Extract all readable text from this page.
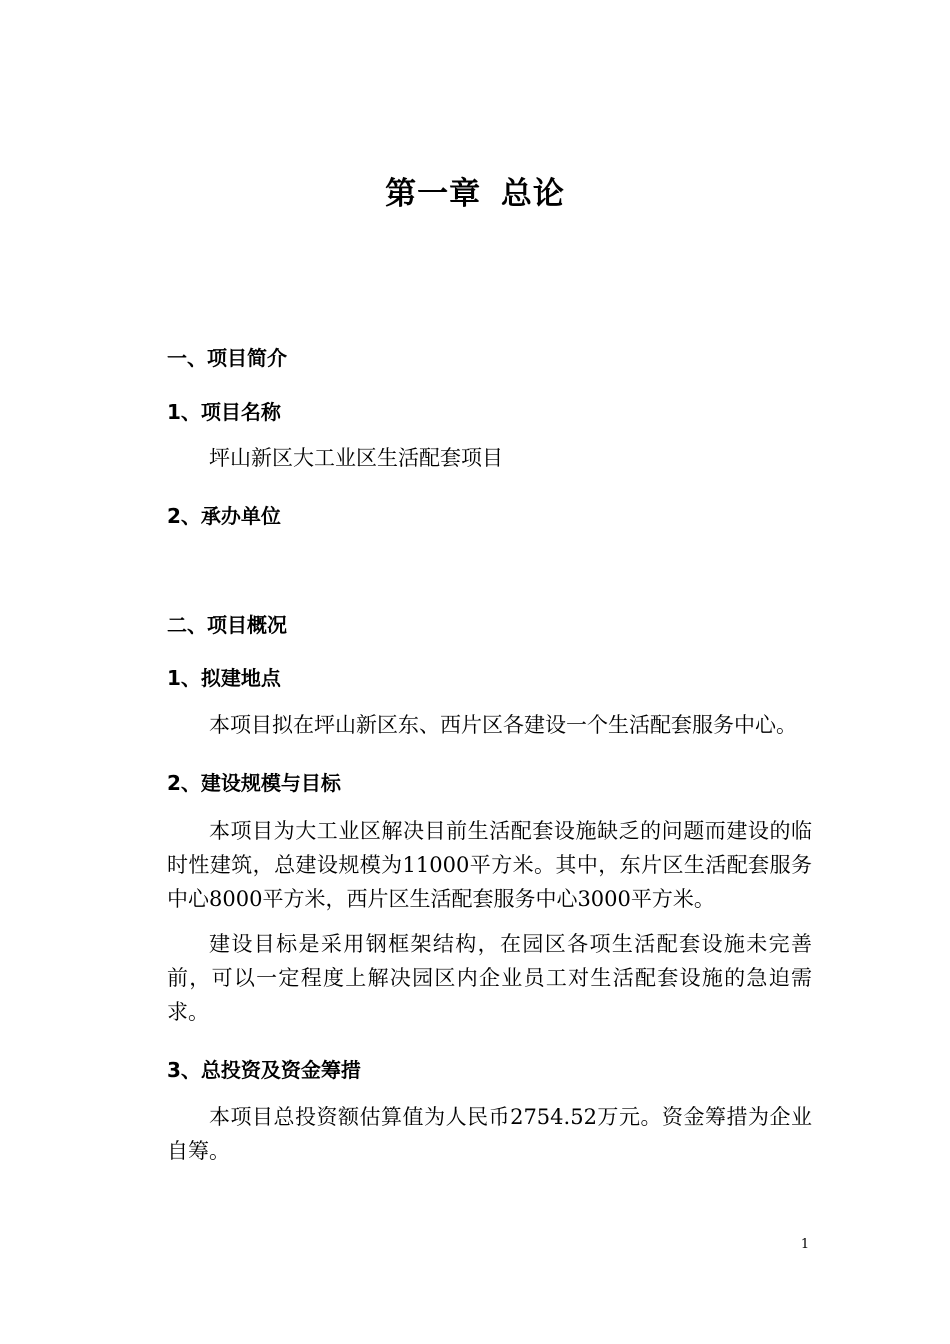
第一章 总论
一、项目简介
1、项目名称

坪山新区大工业区生活配套项目

2、承办单位
二、项目概况
1、拟建地点

本项目拟在坪山新区东、西片区各建设一个生活配套服务中心。

2、建设规模与目标

本项目为大工业区解决目前生活配套设施缺乏的问题而建设的临时性建筑，总建设规模为11000平方米。其中，东片区生活配套服务中心8000平方米，西片区生活配套服务中心3000平方米。

建设目标是采用钢框架结构，在园区各项生活配套设施未完善前，可以一定程度上解决园区内企业员工对生活配套设施的急迫需求。

3、总投资及资金筹措

本项目总投资额估算值为人民币2754.52万元。资金筹措为企业自筹。

1
